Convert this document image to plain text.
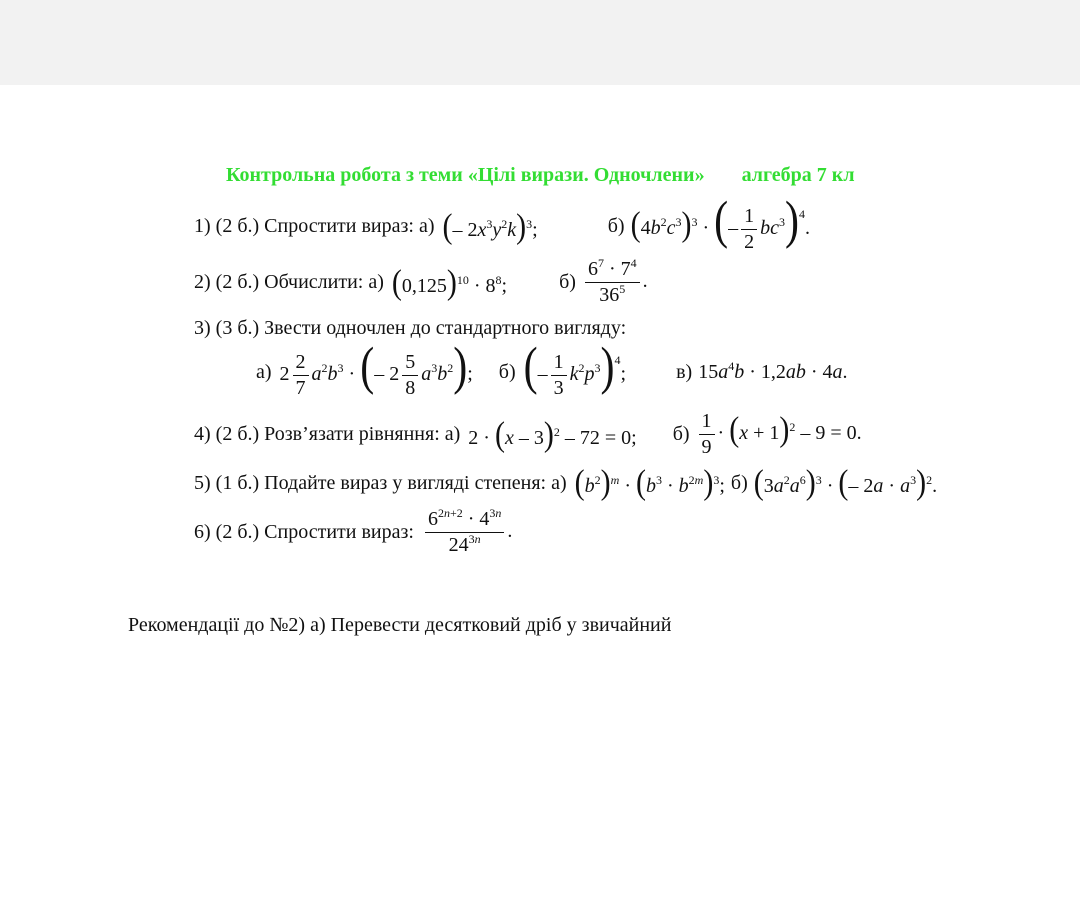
Контрольна робота з теми «Цілі вирази. Одночлени» алгебра 7 кл
1) (2 б.) Спростити вираз: а) (– $2x^3y^2k)^3$;	б) $(4b^2c^3)^3$ · (– $\frac{1}{2} bc^3)^4$.
2) (2 б.) Обчислити: а) $(0,125)^{10} \cdot 8^8$;	$б) \frac{6^7 \cdot 7^4}{36^5}$ .
3) (3 б.) Звести одночлен до стандартного вигляду:
а) $2 \frac{2}{7} a^2b^3$ · (– $2 \frac{5}{8} a^3b^2$); б) (– $\frac{1}{3} k^2p^3)^4$;	в) $15a^4b \cdot 1,2ab \cdot 4a$.
4) (2 б.) Розв’язати рівняння: а) 2 · (x – 3)$^2$ – 72 = 0; $б) \frac{1}{9} \cdot (x + 1)^2 - 9 = 0$.
5) (1 б.) Подайте вираз у вигляді степеня: а) $(b^2)^m \cdot (b^3 \cdot b^{2m})^3$; б) $(3a^2a^6)^3$ · (– $2a \cdot a^3)^2$.
6) (2 б.) Спростити вираз: $\frac{6^{2n+2} \cdot 4^{3n}}{24^{3n}}$ .
Рекомендації до №2) а) Перевести десятковий дріб у звичайний
